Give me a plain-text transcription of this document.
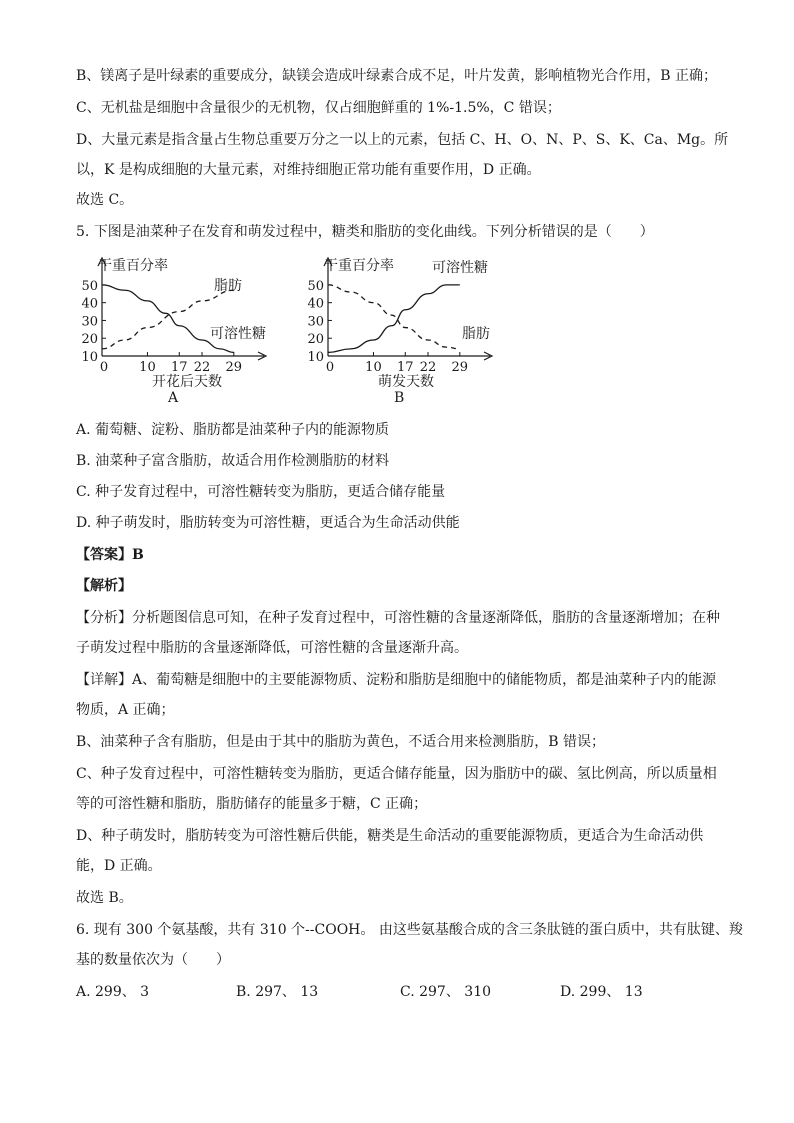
B、镁离子是叶绿素的重要成分，缺镁会造成叶绿素合成不足，叶片发黄，影响植物光合作用，B 正确；
C、无机盐是细胞中含量很少的无机物，仅占细胞鲜重的 1%-1.5%，C 错误；
D、大量元素是指含量占生物总重要万分之一以上的元素，包括 C、H、O、N、P、S、K、Ca、Mg。所
以，K 是构成细胞的大量元素，对维持细胞正常功能有重要作用，D 正确。
故选 C。
5. 下图是油菜种子在发育和萌发过程中，糖类和脂肪的变化曲线。下列分析错误的是（　　）
10
20
30
40
50
0 10 17 22 29
脂肪
可溶性糖
干重百分率
开花后天数
A
10
20
30
40
50
0 10 17 22 29
可溶性糖
脂肪
干重百分率
萌发天数
B
A. 葡萄糖、淀粉、脂肪都是油菜种子内的能源物质
B. 油菜种子富含脂肪，故适合用作检测脂肪的材料
C. 种子发育过程中，可溶性糖转变为脂肪，更适合储存能量
D. 种子萌发时，脂肪转变为可溶性糖，更适合为生命活动供能
【答案】B
【解析】
【分析】分析题图信息可知，在种子发育过程中，可溶性糖的含量逐渐降低，脂肪的含量逐渐增加；在种
子萌发过程中脂肪的含量逐渐降低，可溶性糖的含量逐渐升高。
【详解】A、葡萄糖是细胞中的主要能源物质、淀粉和脂肪是细胞中的储能物质，都是油菜种子内的能源
物质，A 正确；
B、油菜种子含有脂肪，但是由于其中的脂肪为黄色，不适合用来检测脂肪，B 错误；
C、种子发育过程中，可溶性糖转变为脂肪，更适合储存能量，因为脂肪中的碳、氢比例高，所以质量相
等的可溶性糖和脂肪，脂肪储存的能量多于糖，C 正确；
D、种子萌发时，脂肪转变为可溶性糖后供能，糖类是生命活动的重要能源物质，更适合为生命活动供
能，D 正确。
故选 B。
6. 现有 300 个氨基酸，共有 310 个--COOH。 由这些氨基酸合成的含三条肽链的蛋白质中，共有肽键、羧
基的数量依次为（　　）
A. 299、 3	B. 297、 13	C. 297、 310	D. 299、 13
